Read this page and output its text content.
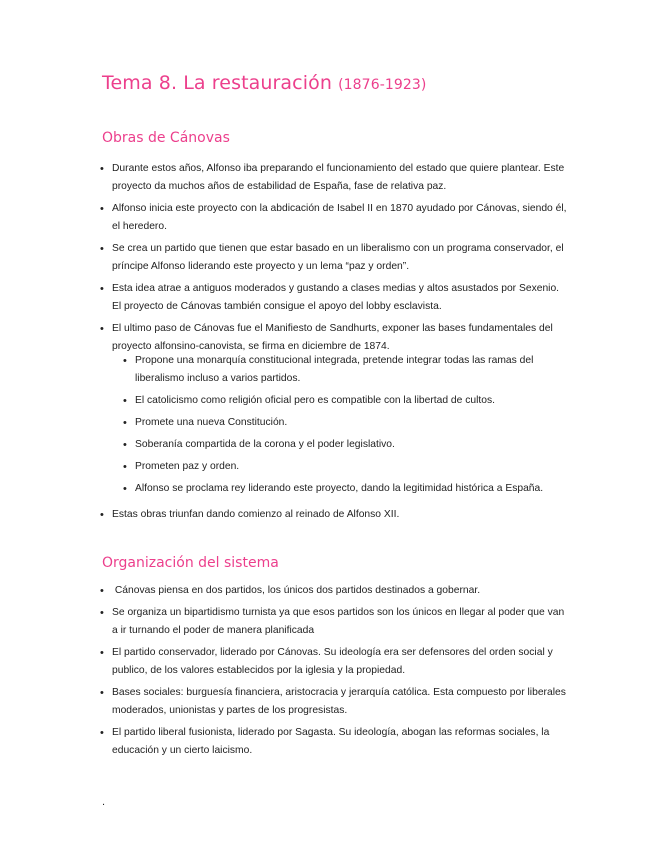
Tema 8. La restauración (1876-1923)
Obras de Cánovas
• Durante estos años, Alfonso iba preparando el funcionamiento del estado que quiere plantear. Este proyecto da muchos años de estabilidad de España, fase de relativa paz.
• Alfonso inicia este proyecto con la abdicación de Isabel II en 1870 ayudado por Cánovas, siendo él, el heredero.
• Se crea un partido que tienen que estar basado en un liberalismo con un programa conservador, el príncipe Alfonso liderando este proyecto y un lema “paz y orden”.
• Esta idea atrae a antiguos moderados y gustando a clases medias y altos asustados por Sexenio. El proyecto de Cánovas también consigue el apoyo del lobby esclavista.
• El ultimo paso de Cánovas fue el Manifiesto de Sandhurts, exponer las bases fundamentales del proyecto alfonsino-canovista, se firma en diciembre de 1874.
• Propone una monarquía constitucional integrada, pretende integrar todas las ramas del liberalismo incluso a varios partidos.
• El catolicismo como religión oficial pero es compatible con la libertad de cultos.
• Promete una nueva Constitución.
• Soberanía compartida de la corona y el poder legislativo.
• Prometen paz y orden.
• Alfonso se proclama rey liderando este proyecto, dando la legitimidad histórica a España.
• Estas obras triunfan dando comienzo al reinado de Alfonso XII.
Organización del sistema
• Cánovas piensa en dos partidos, los únicos dos partidos destinados a gobernar.
• Se organiza un bipartidismo turnista ya que esos partidos son los únicos en llegar al poder que van a ir turnando el poder de manera planificada
• El partido conservador, liderado por Cánovas. Su ideología era ser defensores del orden social y publico, de los valores establecidos por la iglesia y la propiedad.
• Bases sociales: burguesía financiera, aristocracia y jerarquía católica. Esta compuesto por liberales moderados, unionistas y partes de los progresistas.
• El partido liberal fusionista, liderado por Sagasta. Su ideología, abogan las reformas sociales, la educación y un cierto laicismo.
.
